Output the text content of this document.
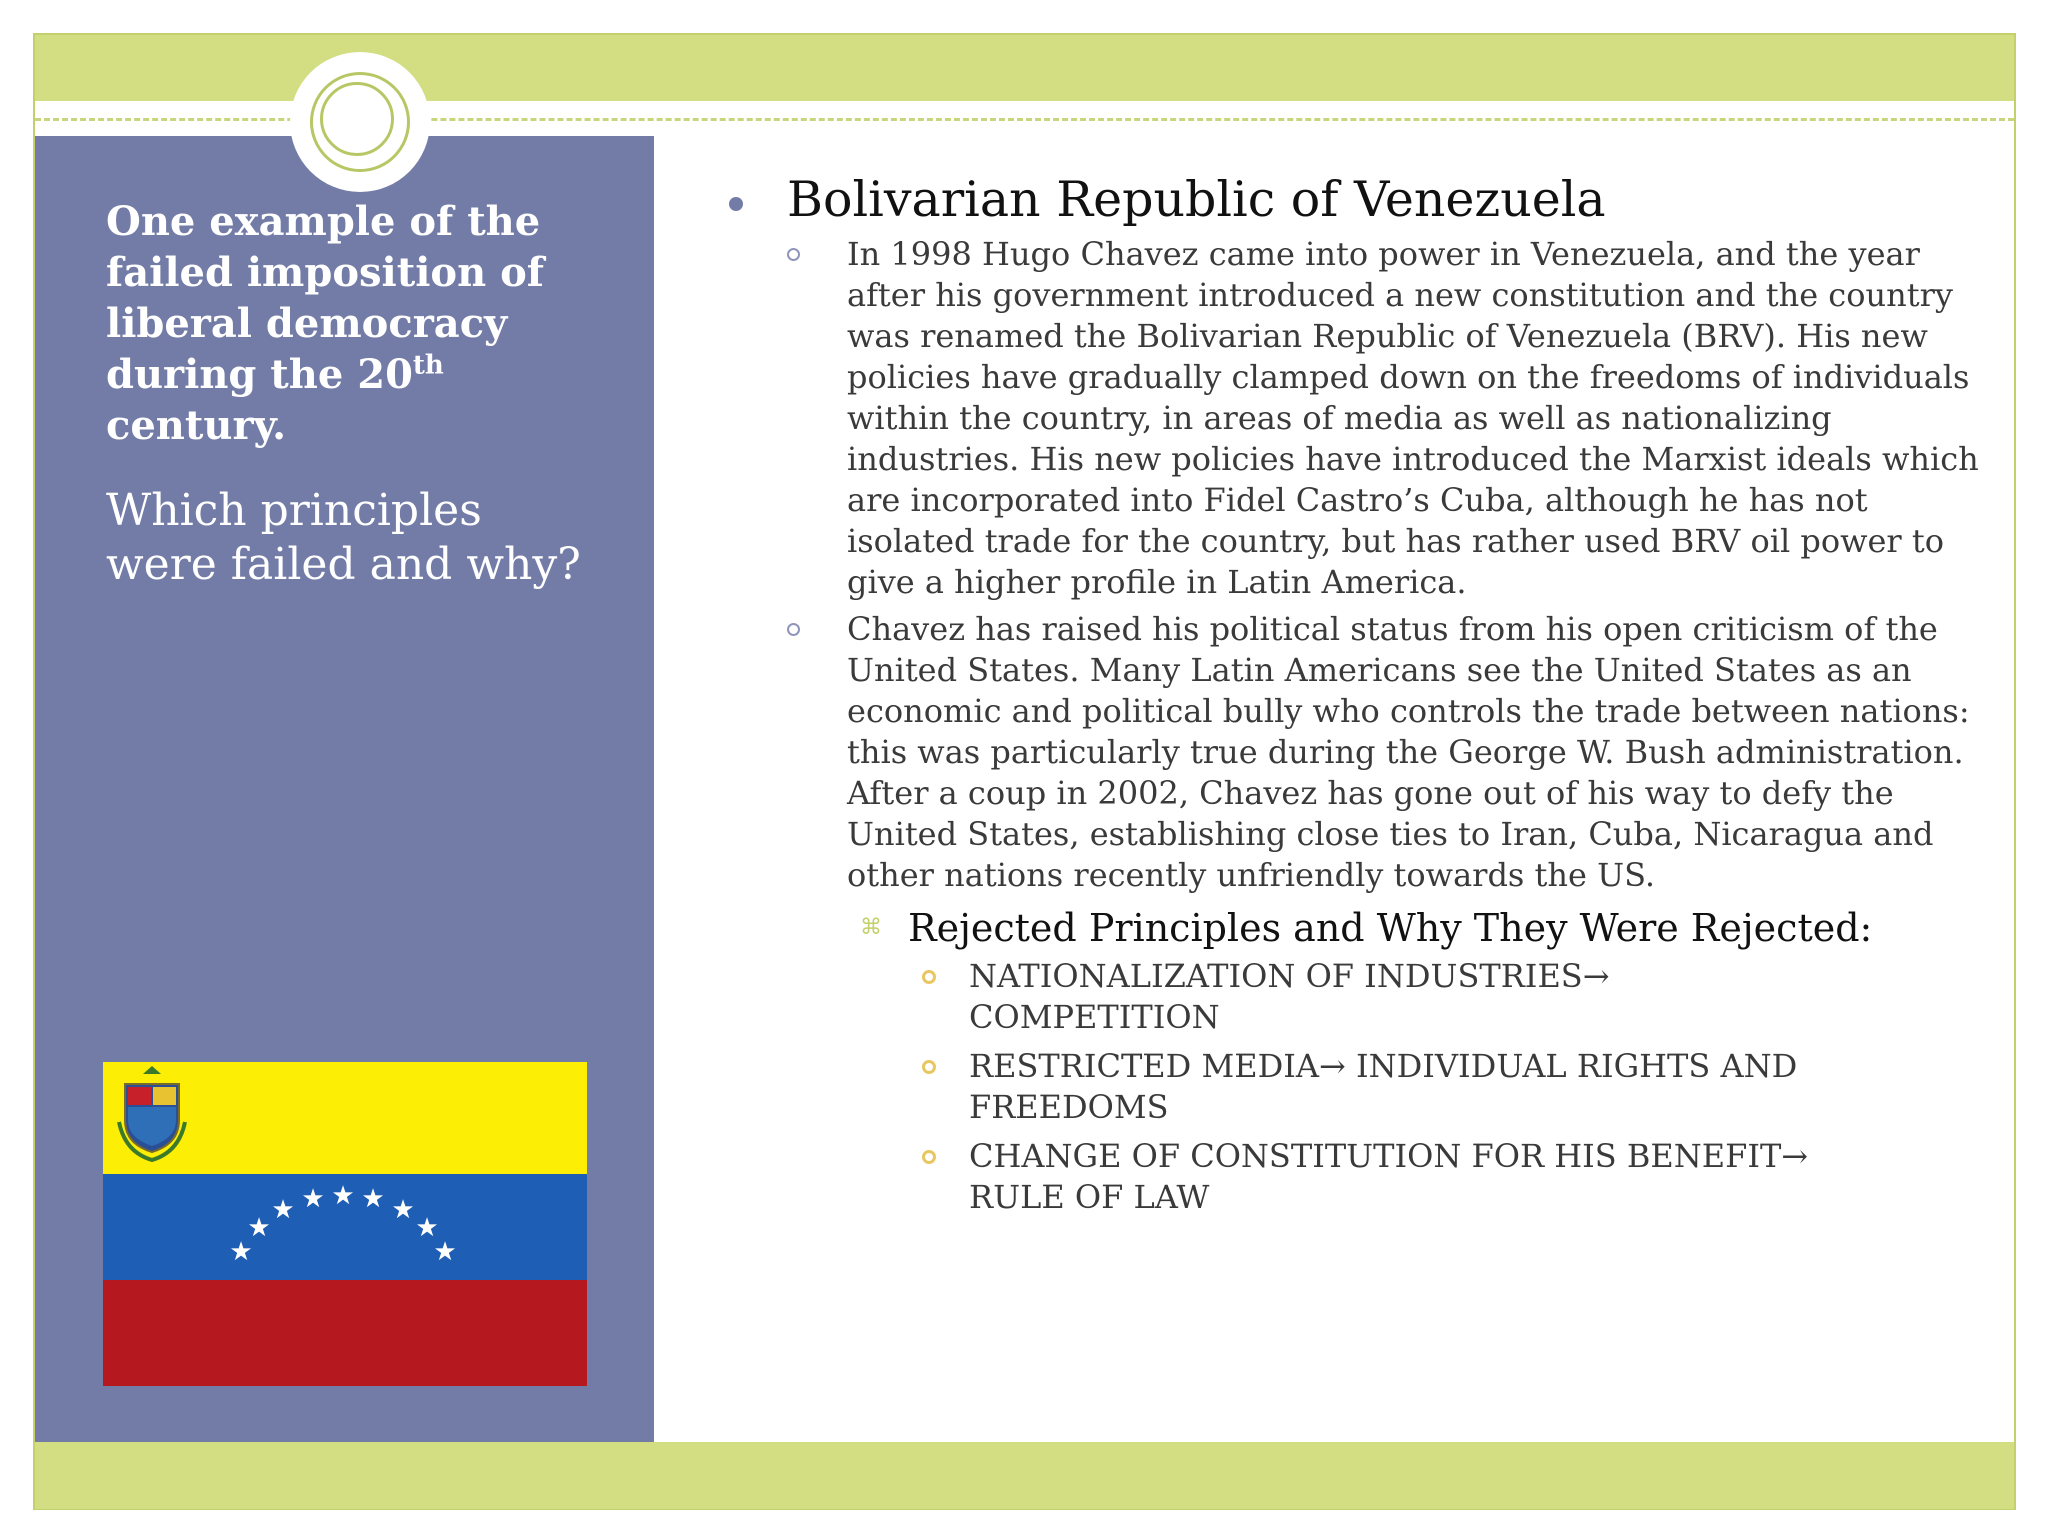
One example of the failed imposition of liberal democracy during the 20th century.
Which principles were failed and why?
★
★
★ ★ ★ ★ ★
★
★
Bolivarian Republic of Venezuela
In 1998 Hugo Chavez came into power in Venezuela, and the year after his government introduced a new constitution and the country was renamed the Bolivarian Republic of Venezuela (BRV). His new policies have gradually clamped down on the freedoms of individuals within the country, in areas of media as well as nationalizing industries. His new policies have introduced the Marxist ideals which are incorporated into Fidel Castro’s Cuba, although he has not isolated trade for the country, but has rather used BRV oil power to give a higher profile in Latin America.
Chavez has raised his political status from his open criticism of the United States. Many Latin Americans see the United States as an economic and political bully who controls the trade between nations: this was particularly true during the George W. Bush administration. After a coup in 2002, Chavez has gone out of his way to defy the United States, establishing close ties to Iran, Cuba, Nicaragua and other nations recently unfriendly towards the US.
⌘ Rejected Principles and Why They Were Rejected:
NATIONALIZATION OF INDUSTRIES→ COMPETITION
RESTRICTED MEDIA→ INDIVIDUAL RIGHTS AND FREEDOMS
CHANGE OF CONSTITUTION FOR HIS BENEFIT→ RULE OF LAW
